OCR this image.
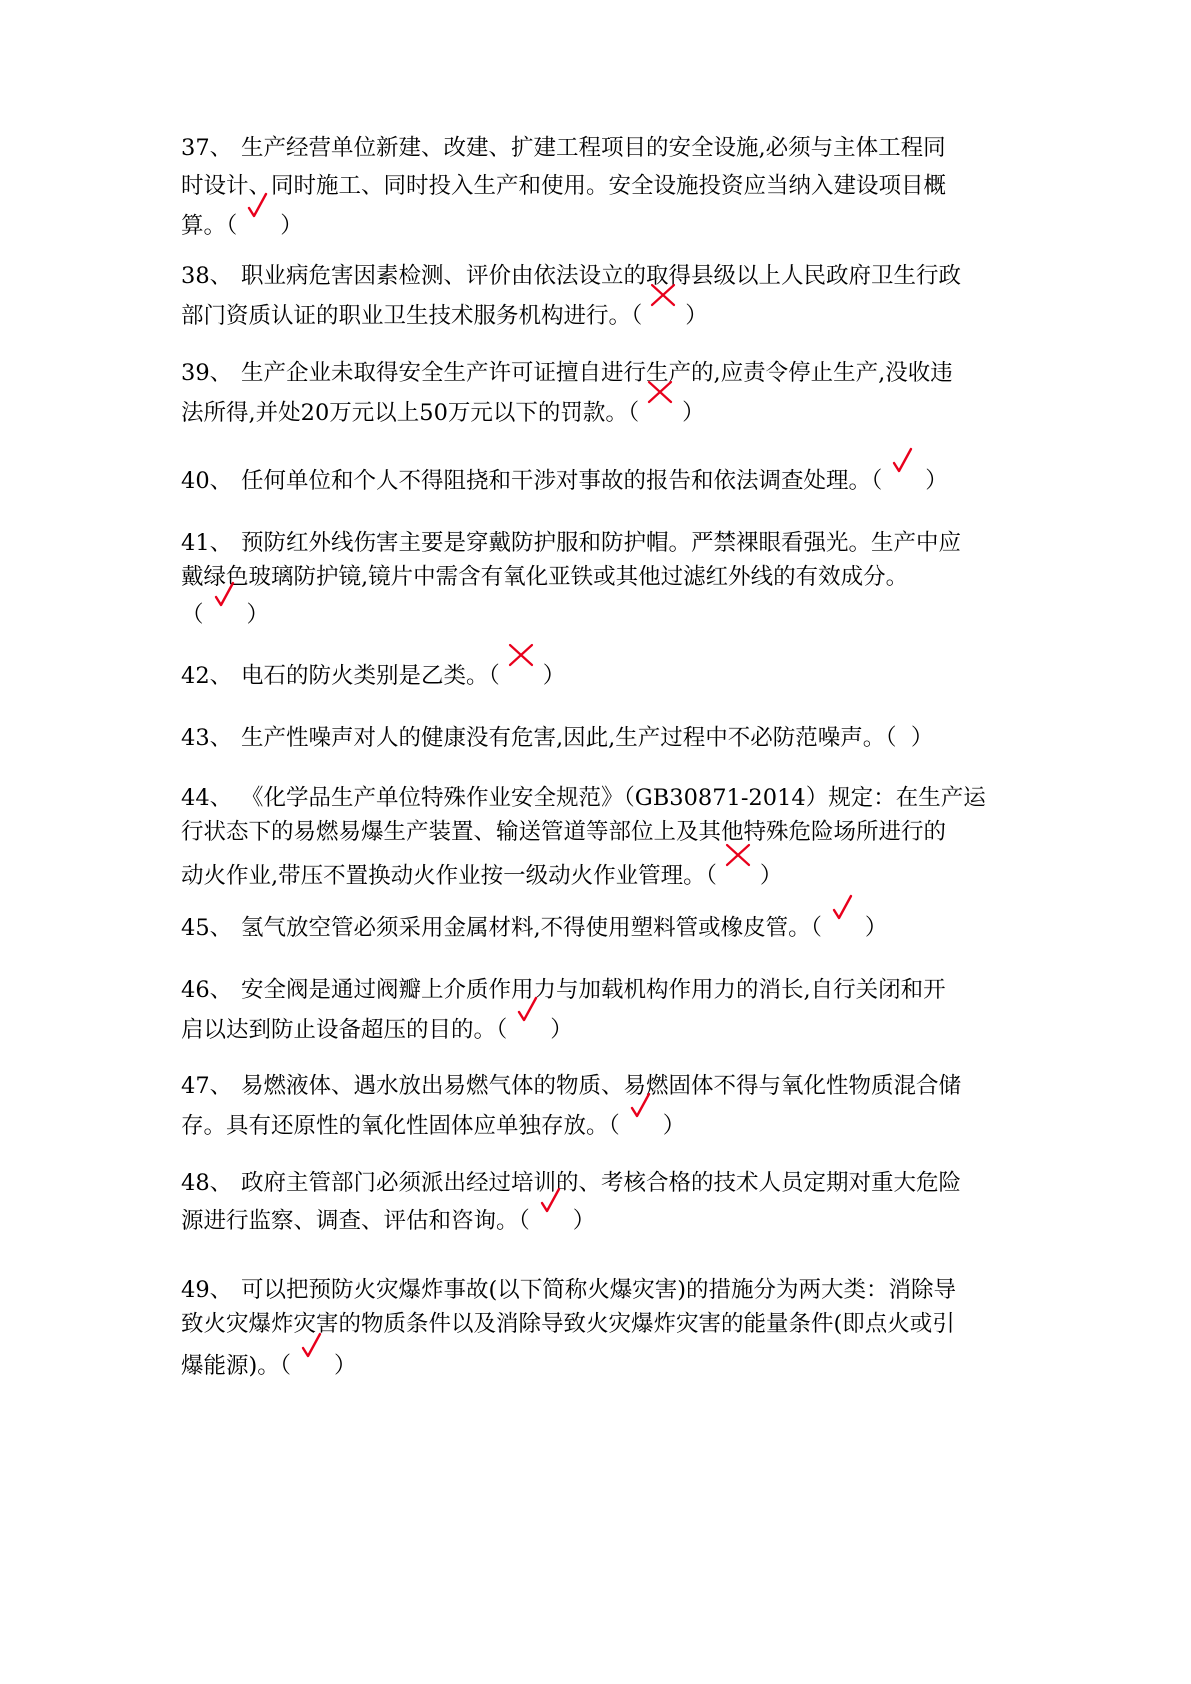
37、 生产经营单位新建、改建、扩建工程项目的安全设施,必须与主体工程同
时设计、同时施工、同时投入生产和使用。安全设施投资应当纳入建设项目概
算。（ ）
38、 职业病危害因素检测、评价由依法设立的取得县级以上人民政府卫生行政
部门资质认证的职业卫生技术服务机构进行。（ ）
39、 生产企业未取得安全生产许可证擅自进行生产的,应责令停止生产,没收违
法所得,并处20万元以上50万元以下的罚款。（ ）
40、 任何单位和个人不得阻挠和干涉对事故的报告和依法调查处理。（ ）
41、 预防红外线伤害主要是穿戴防护服和防护帽。严禁裸眼看强光。生产中应
戴绿色玻璃防护镜,镜片中需含有氧化亚铁或其他过滤红外线的有效成分。
（ ）
42、 电石的防火类别是乙类。（ ）
43、 生产性噪声对人的健康没有危害,因此,生产过程中不必防范噪声。（ ）
44、 《化学品生产单位特殊作业安全规范》（GB30871-2014）规定：在生产运
行状态下的易燃易爆生产装置、输送管道等部位上及其他特殊危险场所进行的
动火作业,带压不置换动火作业按一级动火作业管理。（ ）
45、 氢气放空管必须采用金属材料,不得使用塑料管或橡皮管。（ ）
46、 安全阀是通过阀瓣上介质作用力与加载机构作用力的消长,自行关闭和开
启以达到防止设备超压的目的。（ ）
47、 易燃液体、遇水放出易燃气体的物质、易燃固体不得与氧化性物质混合储
存。具有还原性的氧化性固体应单独存放。（ ）
48、 政府主管部门必须派出经过培训的、考核合格的技术人员定期对重大危险
源进行监察、调查、评估和咨询。（ ）
49、 可以把预防火灾爆炸事故(以下简称火爆灾害)的措施分为两大类：消除导
致火灾爆炸灾害的物质条件以及消除导致火灾爆炸灾害的能量条件(即点火或引
爆能源)。（ ）
